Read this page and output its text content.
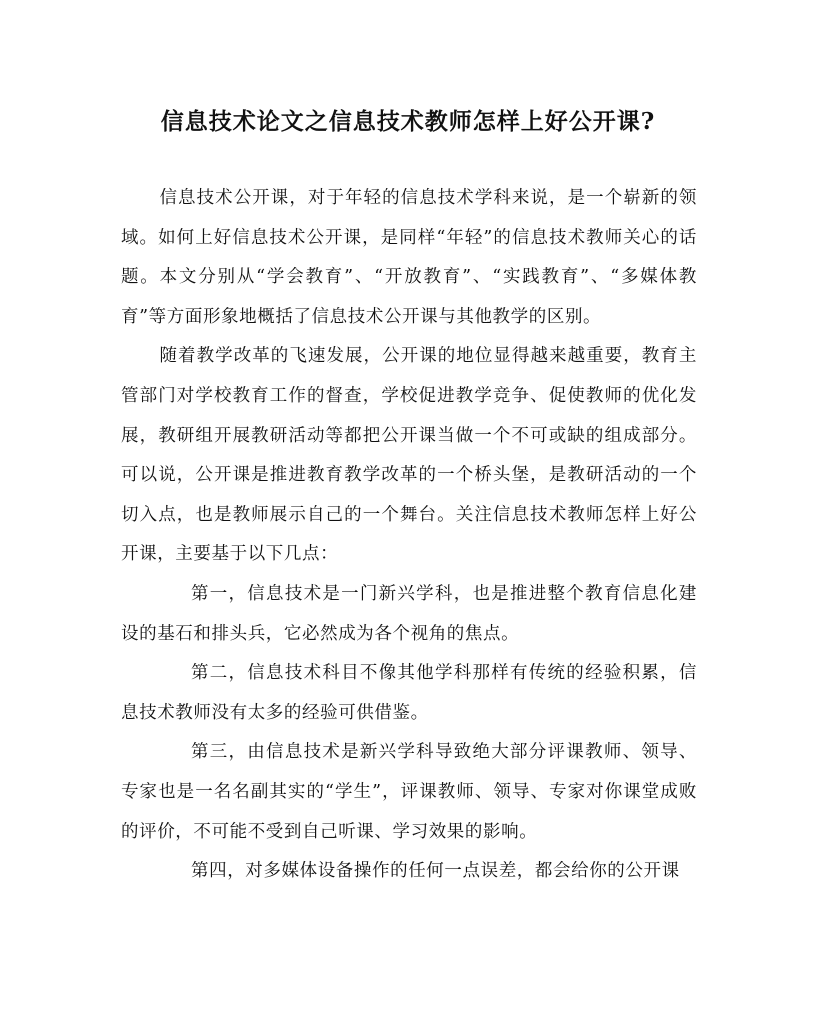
信息技术论文之信息技术教师怎样上好公开课?

信息技术公开课，对于年轻的信息技术学科来说，是一个崭新的领域。如何上好信息技术公开课，是同样“年轻”的信息技术教师关心的话题。本文分别从“学会教育”、“开放教育”、“实践教育”、“多媒体教育”等方面形象地概括了信息技术公开课与其他教学的区别。

随着教学改革的飞速发展，公开课的地位显得越来越重要，教育主管部门对学校教育工作的督查，学校促进教学竞争、促使教师的优化发展，教研组开展教研活动等都把公开课当做一个不可或缺的组成部分。可以说，公开课是推进教育教学改革的一个桥头堡，是教研活动的一个切入点，也是教师展示自己的一个舞台。关注信息技术教师怎样上好公开课，主要基于以下几点：

第一，信息技术是一门新兴学科，也是推进整个教育信息化建设的基石和排头兵，它必然成为各个视角的焦点。

第二，信息技术科目不像其他学科那样有传统的经验积累，信息技术教师没有太多的经验可供借鉴。

第三，由信息技术是新兴学科导致绝大部分评课教师、领导、专家也是一名名副其实的“学生”，评课教师、领导、专家对你课堂成败的评价，不可能不受到自己听课、学习效果的影响。

第四，对多媒体设备操作的任何一点误差，都会给你的公开课
